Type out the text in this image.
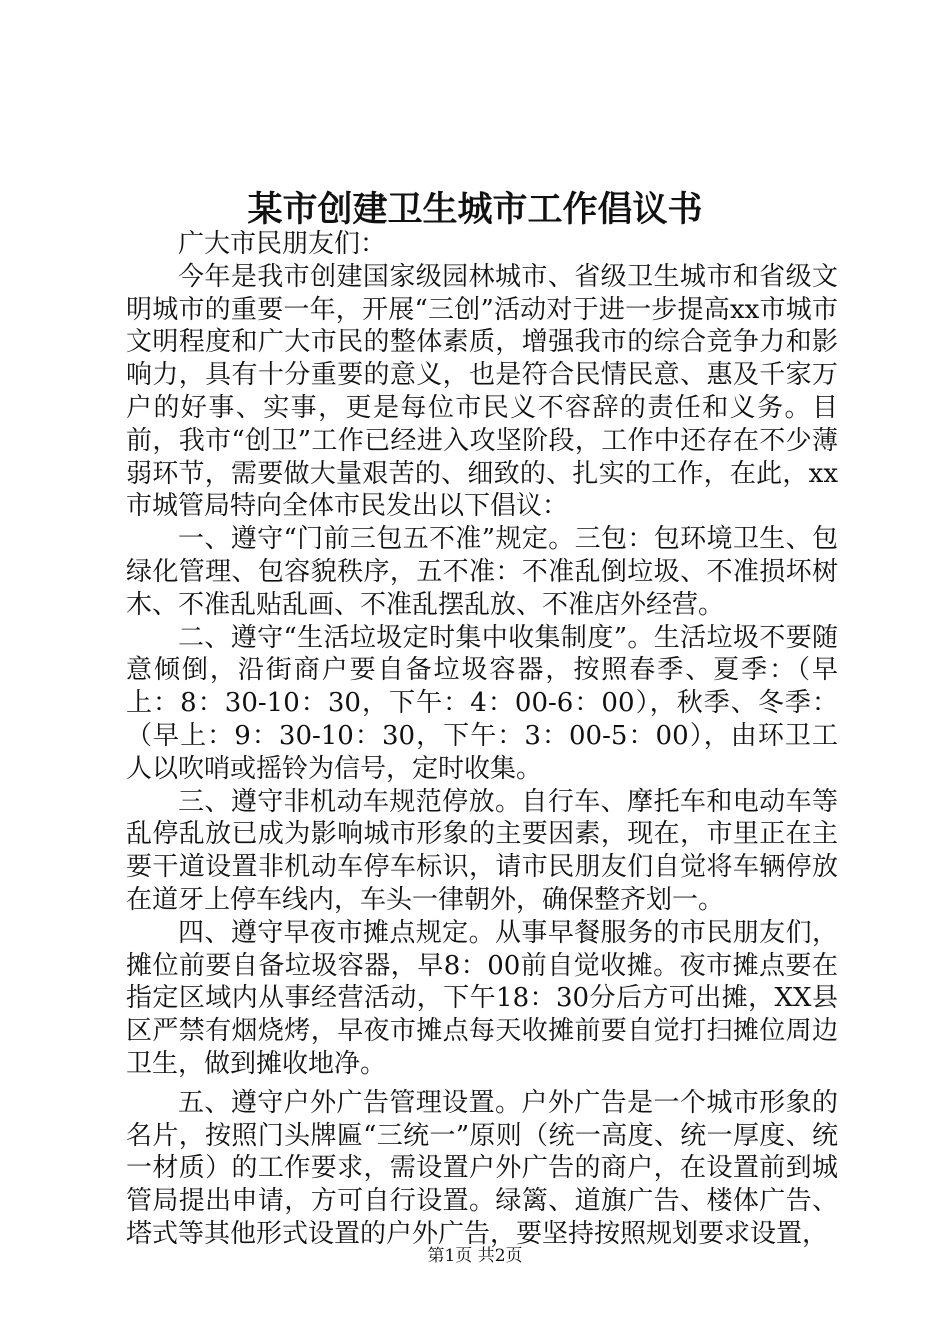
某市创建卫生城市工作倡议书

广大市民朋友们：

今年是我市创建国家级园林城市、省级卫生城市和省级文明城市的重要一年，开展“三创”活动对于进一步提高xx市城市文明程度和广大市民的整体素质，增强我市的综合竞争力和影响力，具有十分重要的意义，也是符合民情民意、惠及千家万户的好事、实事，更是每位市民义不容辞的责任和义务。目前，我市“创卫”工作已经进入攻坚阶段，工作中还存在不少薄弱环节，需要做大量艰苦的、细致的、扎实的工作，在此，xx市城管局特向全体市民发出以下倡议：

一、遵守“门前三包五不准”规定。三包：包环境卫生、包绿化管理、包容貌秩序，五不准：不准乱倒垃圾、不准损坏树木、不准乱贴乱画、不准乱摆乱放、不准店外经营。

二、遵守“生活垃圾定时集中收集制度”。生活垃圾不要随意倾倒，沿街商户要自备垃圾容器，按照春季、夏季：（早上：8：30-10：30，下午：4：00-6：00），秋季、冬季：（早上：9：30-10：30，下午：3：00-5：00），由环卫工人以吹哨或摇铃为信号，定时收集。

三、遵守非机动车规范停放。自行车、摩托车和电动车等乱停乱放已成为影响城市形象的主要因素，现在，市里正在主要干道设置非机动车停车标识，请市民朋友们自觉将车辆停放在道牙上停车线内，车头一律朝外，确保整齐划一。

四、遵守早夜市摊点规定。从事早餐服务的市民朋友们，摊位前要自备垃圾容器，早8：00前自觉收摊。夜市摊点要在指定区域内从事经营活动，下午18：30分后方可出摊，XX县区严禁有烟烧烤，早夜市摊点每天收摊前要自觉打扫摊位周边卫生，做到摊收地净。

五、遵守户外广告管理设置。户外广告是一个城市形象的名片，按照门头牌匾“三统一”原则（统一高度、统一厚度、统一材质）的工作要求，需设置户外广告的商户，在设置前到城管局提出申请，方可自行设置。绿篱、道旗广告、楼体广告、塔式等其他形式设置的户外广告，要坚持按照规划要求设置，

第1页 共2页
